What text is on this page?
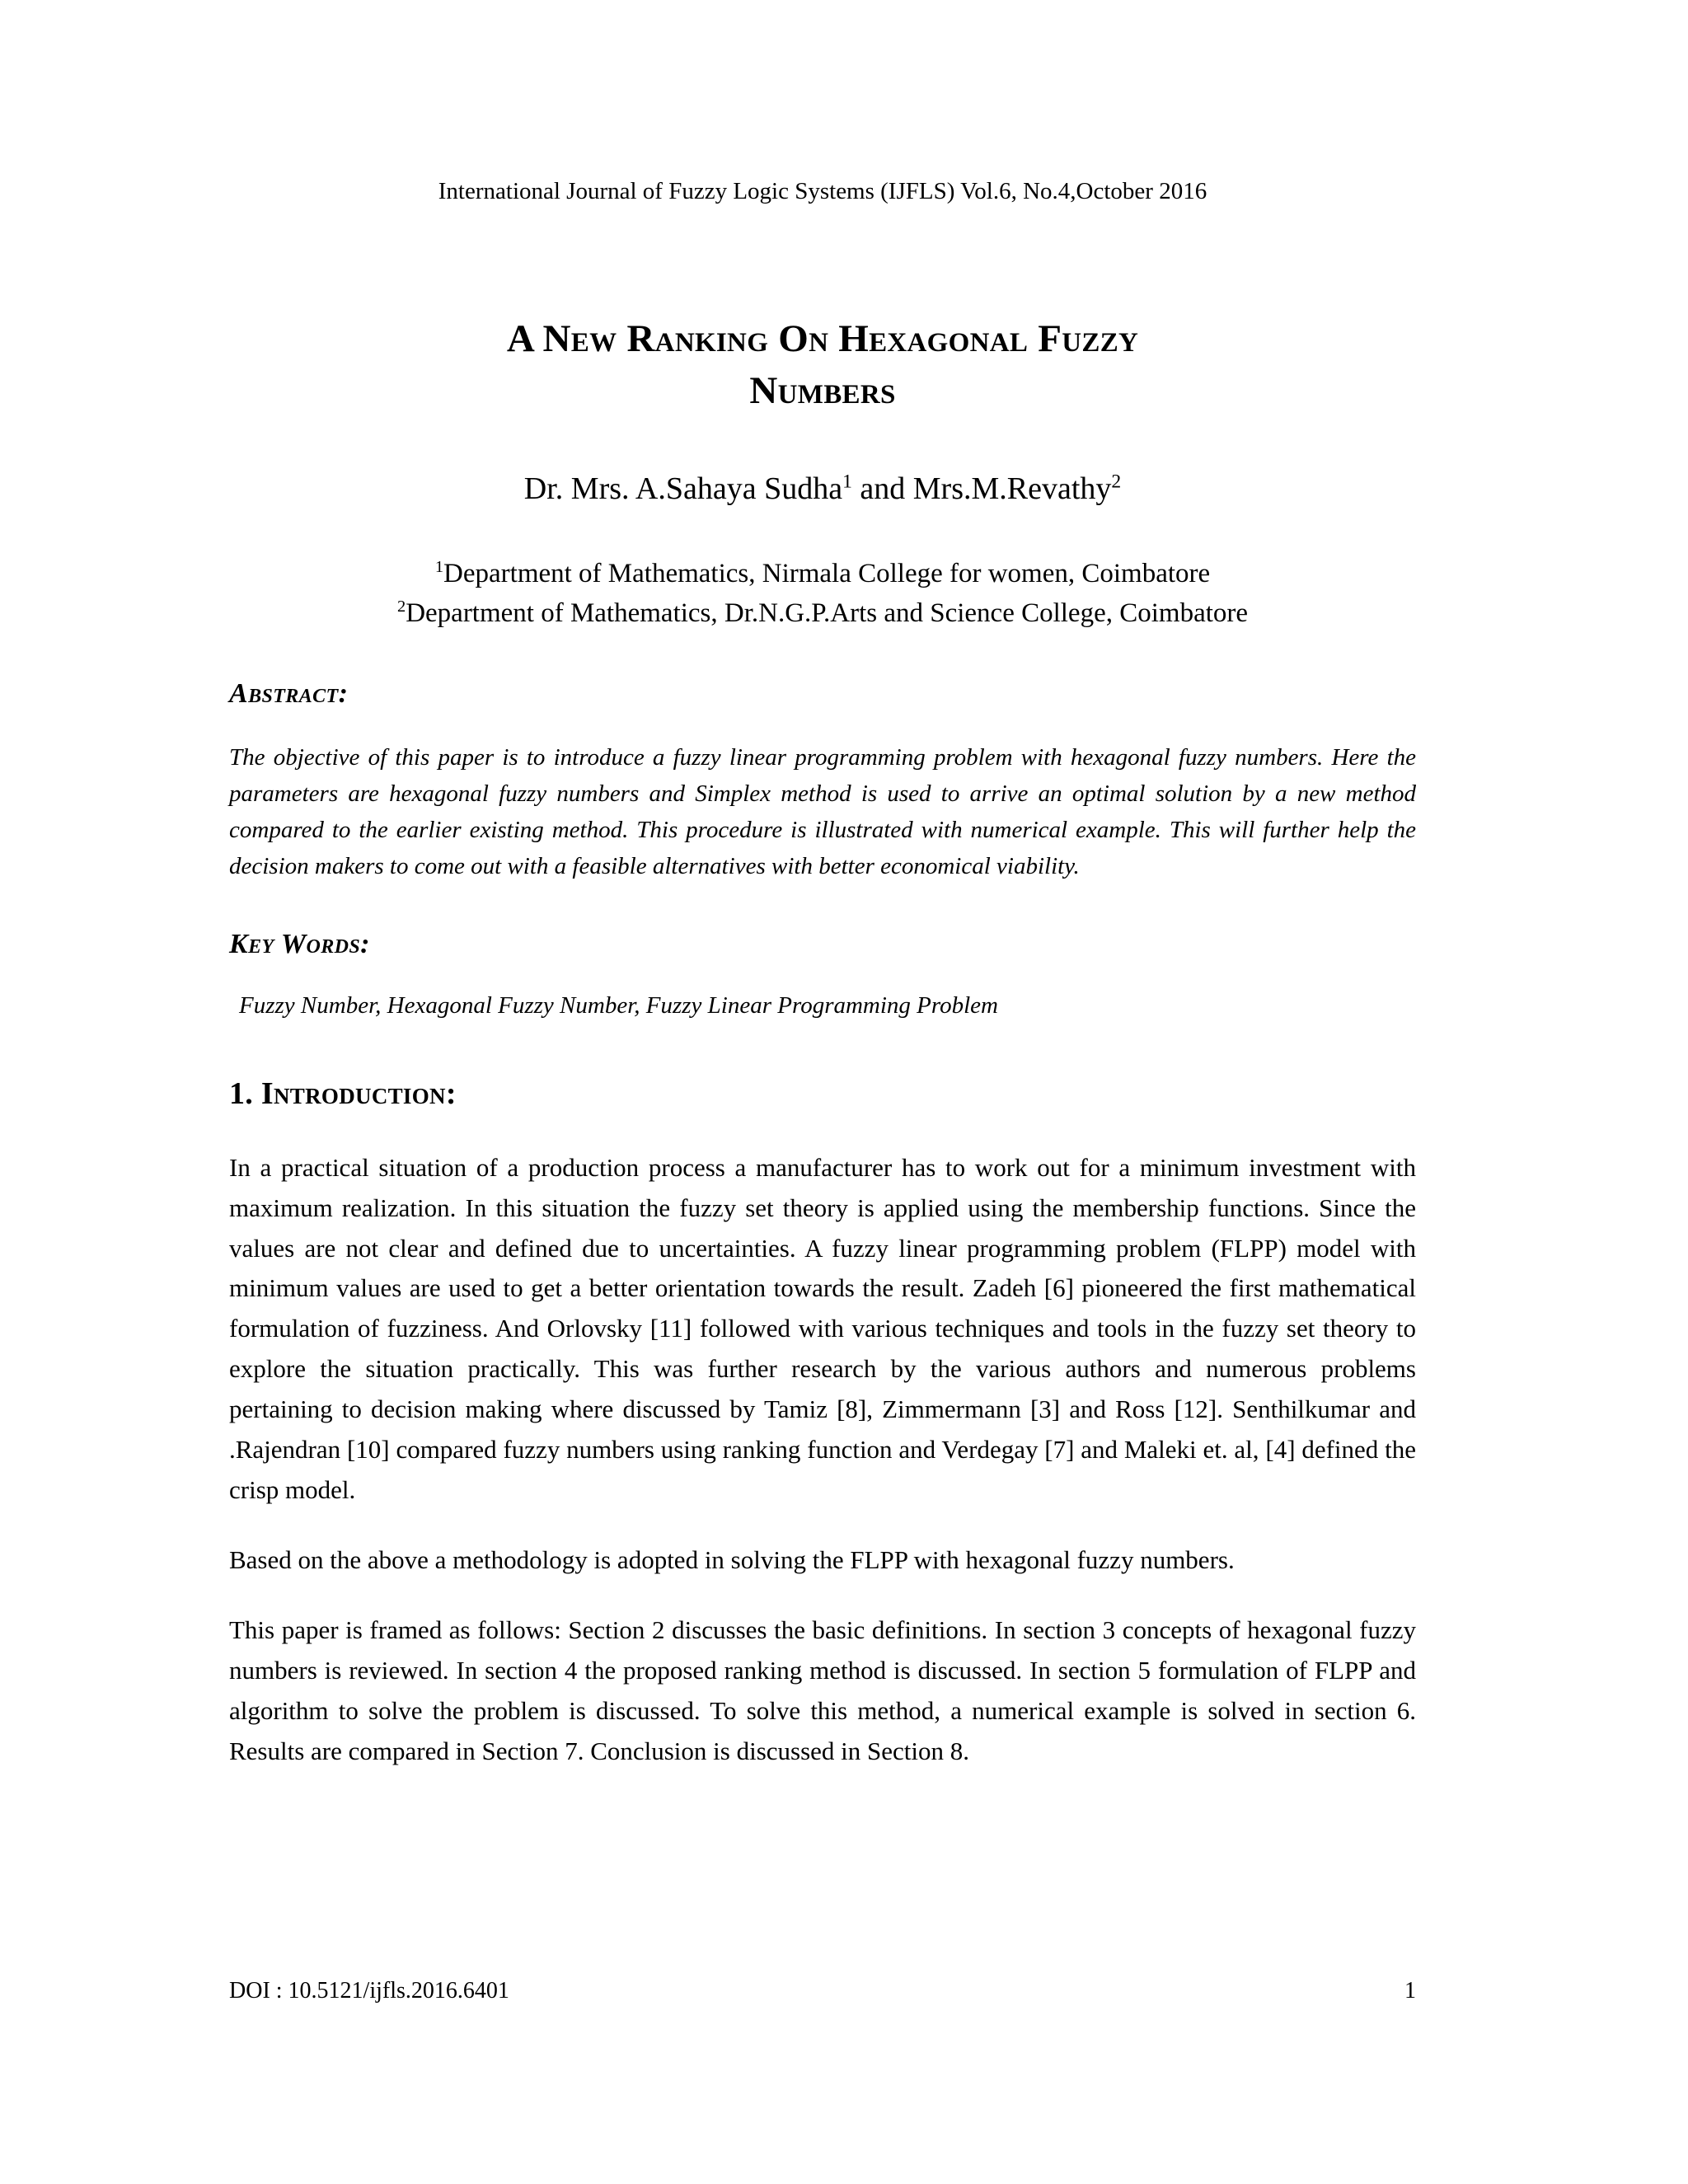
International Journal of Fuzzy Logic Systems (IJFLS) Vol.6, No.4,October 2016
A New Ranking On Hexagonal Fuzzy
Numbers
Dr. Mrs. A.Sahaya Sudha$^1$ and Mrs.M.Revathy$^2$
$^1$Department of Mathematics, Nirmala College for women, Coimbatore
$^2$Department of Mathematics, Dr.N.G.P.Arts and Science College, Coimbatore
Abstract:
The objective of this paper is to introduce a fuzzy linear programming problem with hexagonal fuzzy numbers. Here the parameters are hexagonal fuzzy numbers and Simplex method is used to arrive an optimal solution by a new method compared to the earlier existing method. This procedure is illustrated with numerical example. This will further help the decision makers to come out with a feasible alternatives with better economical viability.
Key Words:
Fuzzy Number, Hexagonal Fuzzy Number, Fuzzy Linear Programming Problem
1. Introduction:
In a practical situation of a production process a manufacturer has to work out for a minimum investment with maximum realization. In this situation the fuzzy set theory is applied using the membership functions. Since the values are not clear and defined due to uncertainties. A fuzzy linear programming problem (FLPP) model with minimum values are used to get a better orientation towards the result. Zadeh [6] pioneered the first mathematical formulation of fuzziness. And Orlovsky [11] followed with various techniques and tools in the fuzzy set theory to explore the situation practically. This was further research by the various authors and numerous problems pertaining to decision making where discussed by Tamiz [8], Zimmermann [3] and Ross [12]. Senthilkumar and .Rajendran [10] compared fuzzy numbers using ranking function and Verdegay [7] and Maleki et. al, [4] defined the crisp model.
Based on the above a methodology is adopted in solving the FLPP with hexagonal fuzzy numbers.
This paper is framed as follows: Section 2 discusses the basic definitions. In section 3 concepts of hexagonal fuzzy numbers is reviewed. In section 4 the proposed ranking method is discussed. In section 5 formulation of FLPP and algorithm to solve the problem is discussed. To solve this method, a numerical example is solved in section 6. Results are compared in Section 7. Conclusion is discussed in Section 8.
DOI : 10.5121/ijfls.2016.6401	1
